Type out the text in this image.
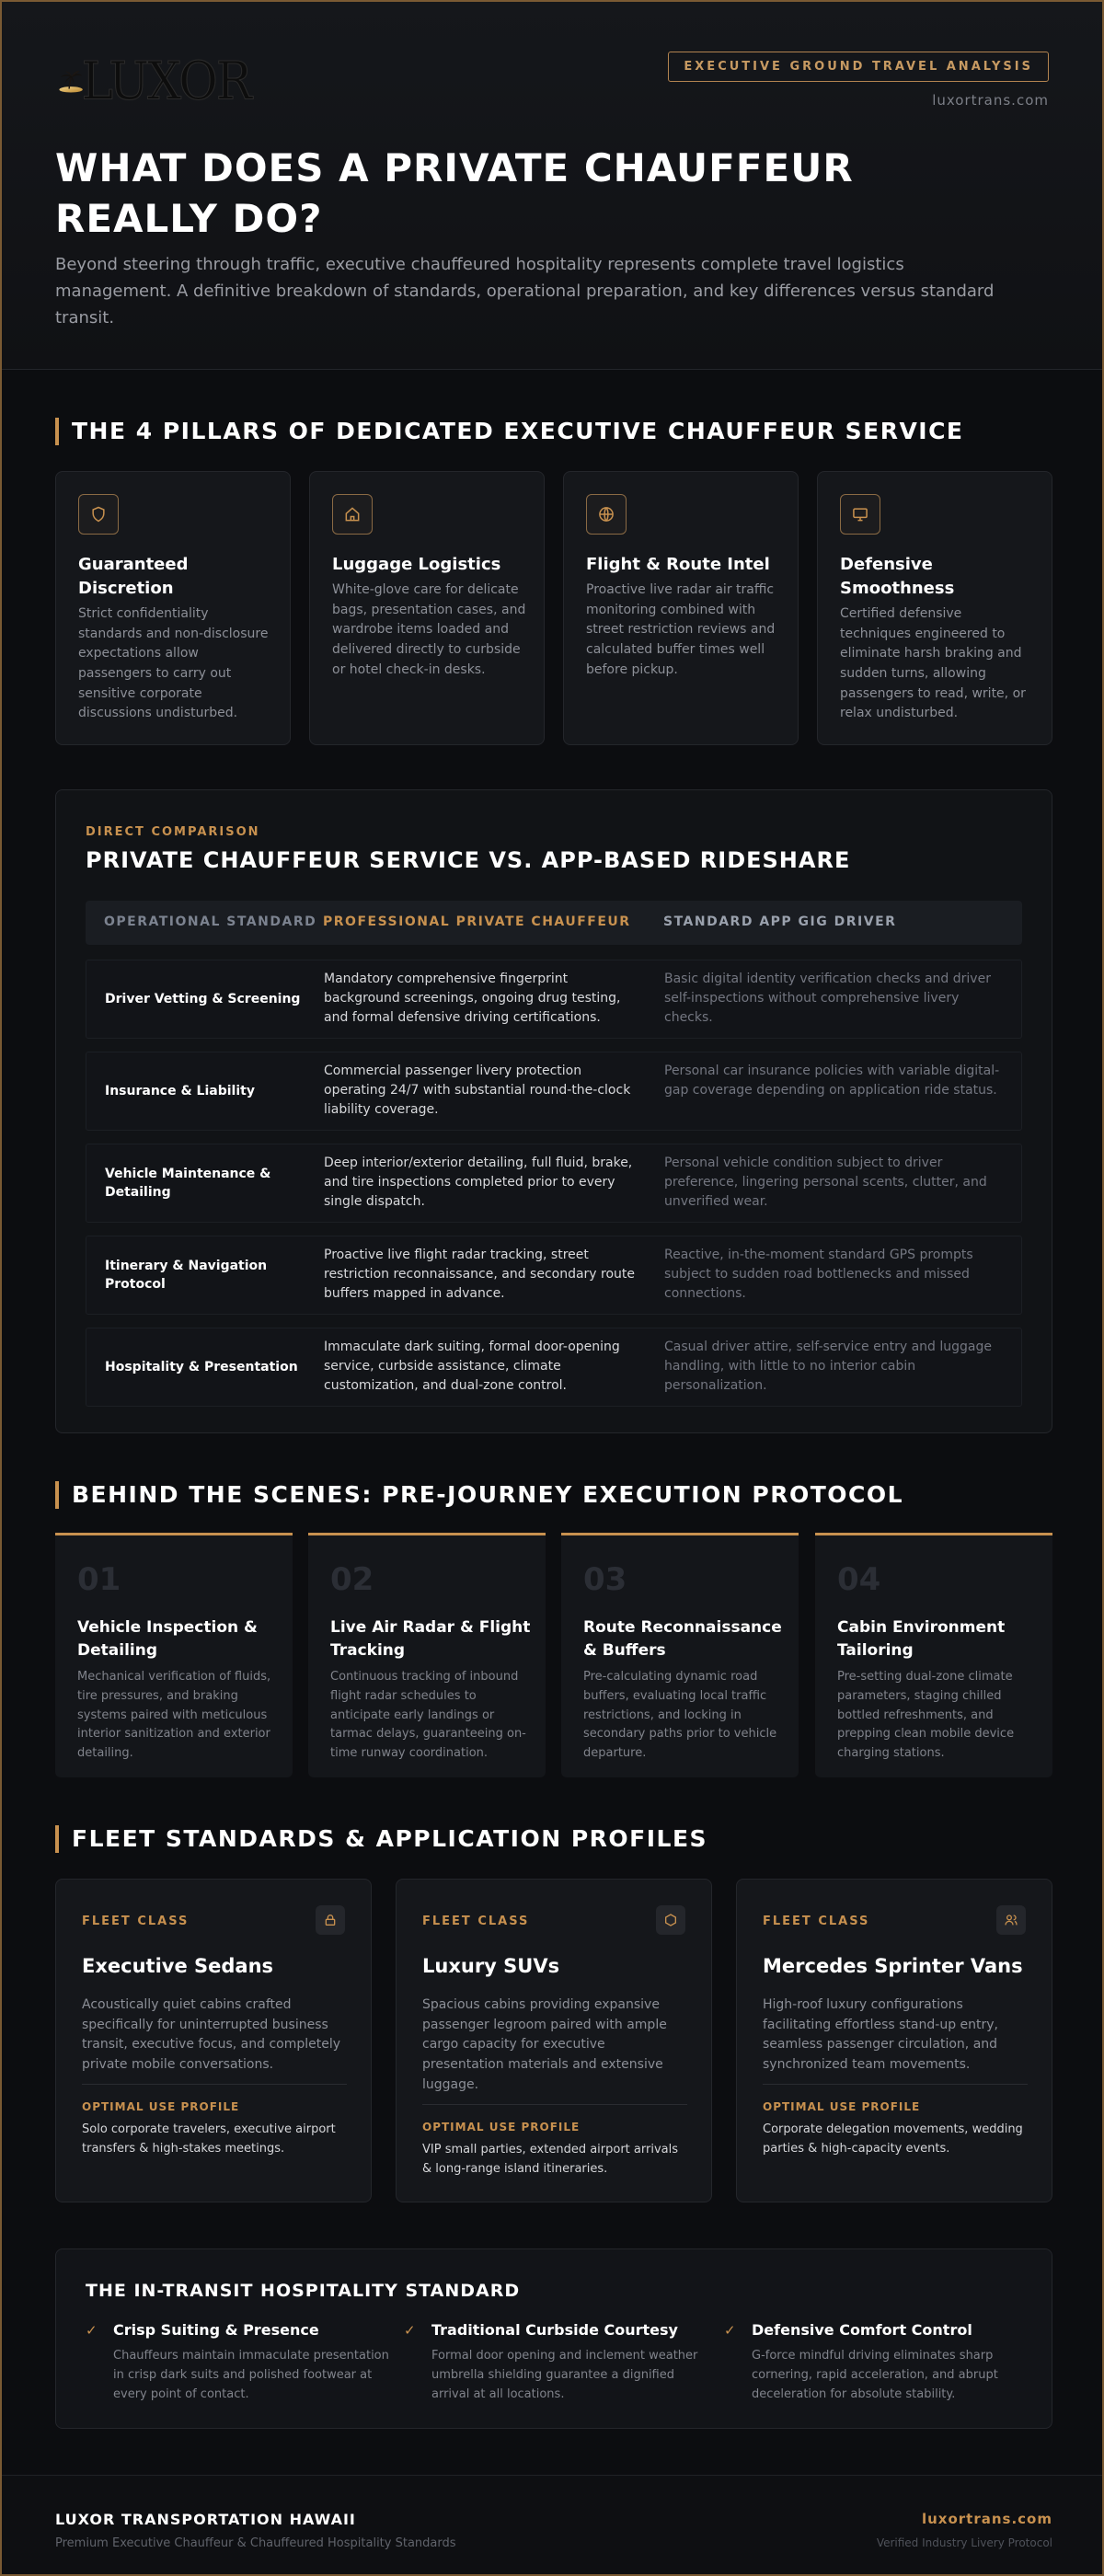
LUXOR	EXECUTIVE GROUND TRAVEL ANALYSIS
luxortrans.com
WHAT DOES A PRIVATE CHAUFFEUR REALLY DO?

Beyond steering through traffic, executive chauffeured hospitality represents complete travel logistics management. A definitive breakdown of standards, operational preparation, and key differences versus standard transit.

THE 4 PILLARS OF DEDICATED EXECUTIVE CHAUFFEUR SERVICE
Guaranteed Discretion
Strict confidentiality standards and non-disclosure expectations allow passengers to carry out sensitive corporate discussions undisturbed.
Luggage Logistics
White-glove care for delicate bags, presentation cases, and wardrobe items loaded and delivered directly to curbside or hotel check-in desks.
Flight & Route Intel
Proactive live radar air traffic monitoring combined with street restriction reviews and calculated buffer times well before pickup.
Defensive Smoothness
Certified defensive techniques engineered to eliminate harsh braking and sudden turns, allowing passengers to read, write, or relax undisturbed.
DIRECT COMPARISON
PRIVATE CHAUFFEUR SERVICE VS. APP-BASED RIDESHARE
OPERATIONAL STANDARD PROFESSIONAL PRIVATE CHAUFFEUR	STANDARD APP GIG DRIVER
Driver Vetting & Screening
Mandatory comprehensive fingerprint background screenings, ongoing drug testing, and formal defensive driving certifications.
Basic digital identity verification checks and driver self-inspections without comprehensive livery checks.
Insurance & Liability
Commercial passenger livery protection operating 24/7 with substantial round-the-clock liability coverage.
Personal car insurance policies with variable digital-gap coverage depending on application ride status.
Vehicle Maintenance & Detailing
Deep interior/exterior detailing, full fluid, brake, and tire inspections completed prior to every single dispatch.
Personal vehicle condition subject to driver preference, lingering personal scents, clutter, and unverified wear.
Itinerary & Navigation Protocol
Proactive live flight radar tracking, street restriction reconnaissance, and secondary route buffers mapped in advance.
Reactive, in-the-moment standard GPS prompts subject to sudden road bottlenecks and missed connections.
Hospitality & Presentation
Immaculate dark suiting, formal door-opening service, curbside assistance, climate customization, and dual-zone control.
Casual driver attire, self-service entry and luggage handling, with little to no interior cabin personalization.
BEHIND THE SCENES: PRE-JOURNEY EXECUTION PROTOCOL
01
Vehicle Inspection & Detailing
Mechanical verification of fluids, tire pressures, and braking systems paired with meticulous interior sanitization and exterior detailing.
02
Live Air Radar & Flight Tracking
Continuous tracking of inbound flight radar schedules to anticipate early landings or tarmac delays, guaranteeing on-time runway coordination.
03
Route Reconnaissance & Buffers
Pre-calculating dynamic road buffers, evaluating local traffic restrictions, and locking in secondary paths prior to vehicle departure.
04
Cabin Environment Tailoring
Pre-setting dual-zone climate parameters, staging chilled bottled refreshments, and prepping clean mobile device charging stations.
FLEET STANDARDS & APPLICATION PROFILES
FLEET CLASS
Executive Sedans
Acoustically quiet cabins crafted specifically for uninterrupted business transit, executive focus, and completely private mobile conversations.
OPTIMAL USE PROFILE
Solo corporate travelers, executive airport transfers & high-stakes meetings.
FLEET CLASS
Luxury SUVs
Spacious cabins providing expansive passenger legroom paired with ample cargo capacity for executive presentation materials and extensive luggage.
OPTIMAL USE PROFILE
VIP small parties, extended airport arrivals & long-range island itineraries.
FLEET CLASS
Mercedes Sprinter Vans
High-roof luxury configurations facilitating effortless stand-up entry, seamless passenger circulation, and synchronized team movements.
OPTIMAL USE PROFILE
Corporate delegation movements, wedding parties & high-capacity events.
THE IN-TRANSIT HOSPITALITY STANDARD
✓ Crisp Suiting & Presence
Chauffeurs maintain immaculate presentation in crisp dark suits and polished footwear at every point of contact.
✓ Traditional Curbside Courtesy
Formal door opening and inclement weather umbrella shielding guarantee a dignified arrival at all locations.
✓ Defensive Comfort Control
G-force mindful driving eliminates sharp cornering, rapid acceleration, and abrupt deceleration for absolute stability.
LUXOR TRANSPORTATION HAWAII
Premium Executive Chauffeur & Chauffeured Hospitality Standards
luxortrans.com
Verified Industry Livery Protocol
